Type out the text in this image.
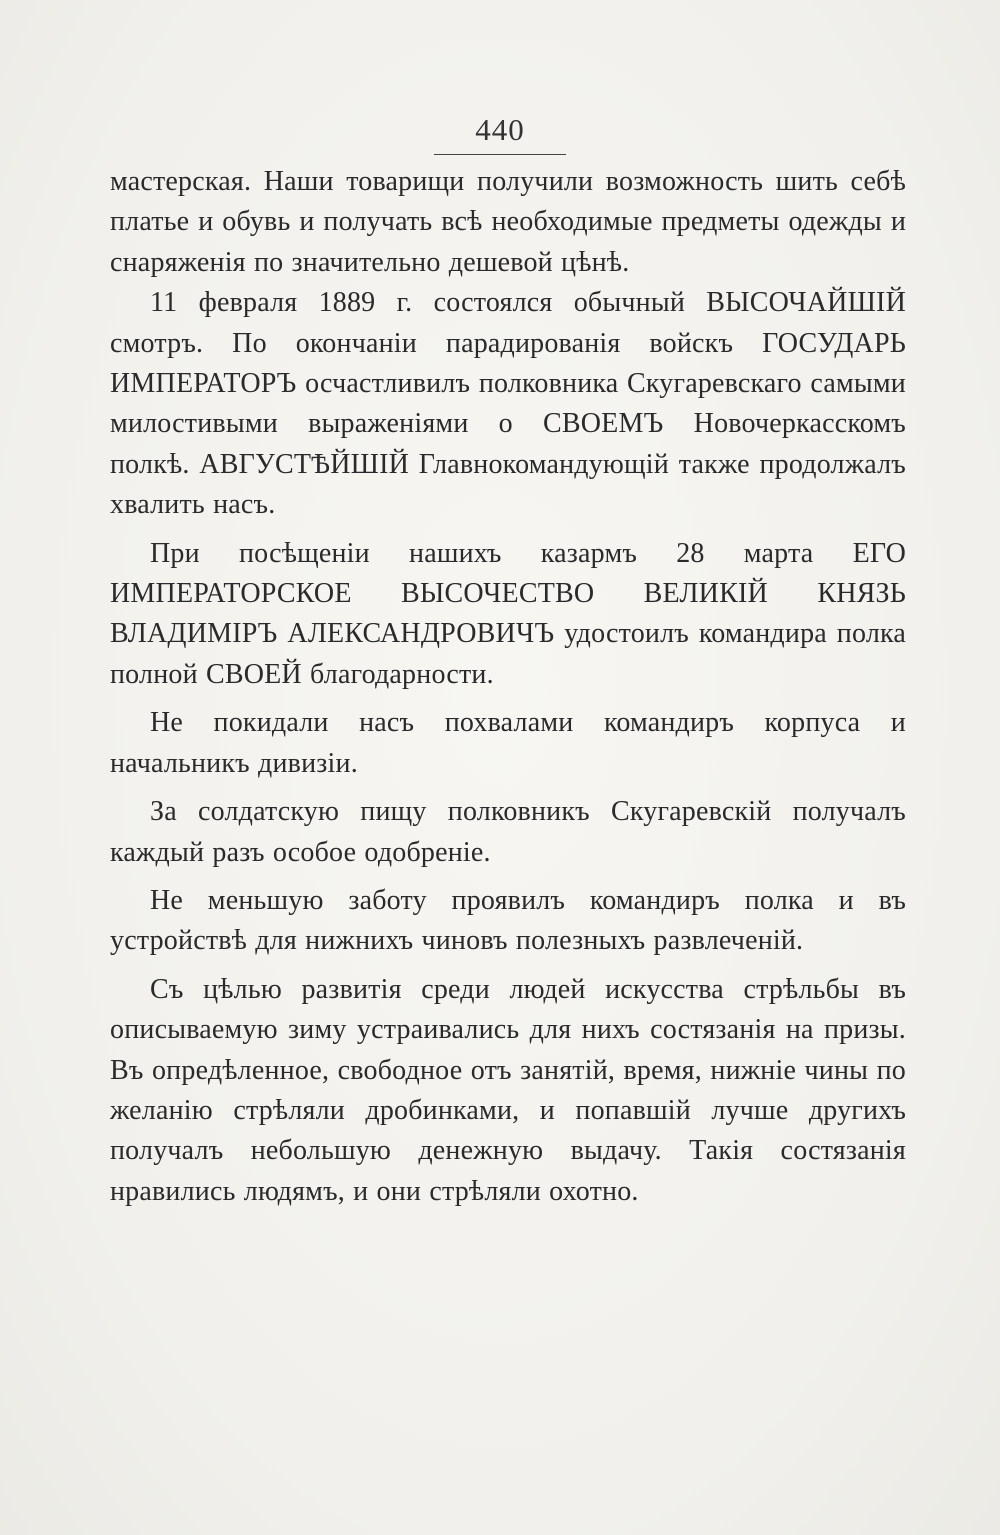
440

мастерская. Наши товарищи получили возможность шить себѣ платье и обувь и получать всѣ необходимые предметы одежды и снаряженія по значительно дешевой цѣнѣ.

11 февраля 1889 г. состоялся обычный ВЫСОЧАЙШІЙ смотръ. По окончаніи парадированія войскъ ГОСУДАРЬ ИМПЕРАТОРЪ осчастливилъ полковника Скугаревскаго самыми милостивыми выраженіями о СВОЕМЪ Новочеркасскомъ полкѣ. АВГУСТѢЙШІЙ Главнокомандующій также продолжалъ хвалить насъ.

При посѣщеніи нашихъ казармъ 28 марта ЕГО ИМПЕРАТОРСКОЕ ВЫСОЧЕСТВО ВЕЛИКІЙ КНЯЗЬ ВЛАДИМІРЪ АЛЕКСАНДРОВИЧЪ удостоилъ командира полка полной СВОЕЙ благодарности.

Не покидали насъ похвалами командиръ корпуса и начальникъ дивизіи.

За солдатскую пищу полковникъ Скугаревскій получалъ каждый разъ особое одобреніе.

Не меньшую заботу проявилъ командиръ полка и въ устройствѣ для нижнихъ чиновъ полезныхъ развлеченій.

Съ цѣлью развитія среди людей искусства стрѣльбы въ описываемую зиму устраивались для нихъ состязанія на призы. Въ опредѣленное, свободное отъ занятій, время, нижніе чины по желанію стрѣляли дробинками, и попавшій лучше другихъ получалъ небольшую денежную выдачу. Такія состязанія нравились людямъ, и они стрѣляли охотно.
